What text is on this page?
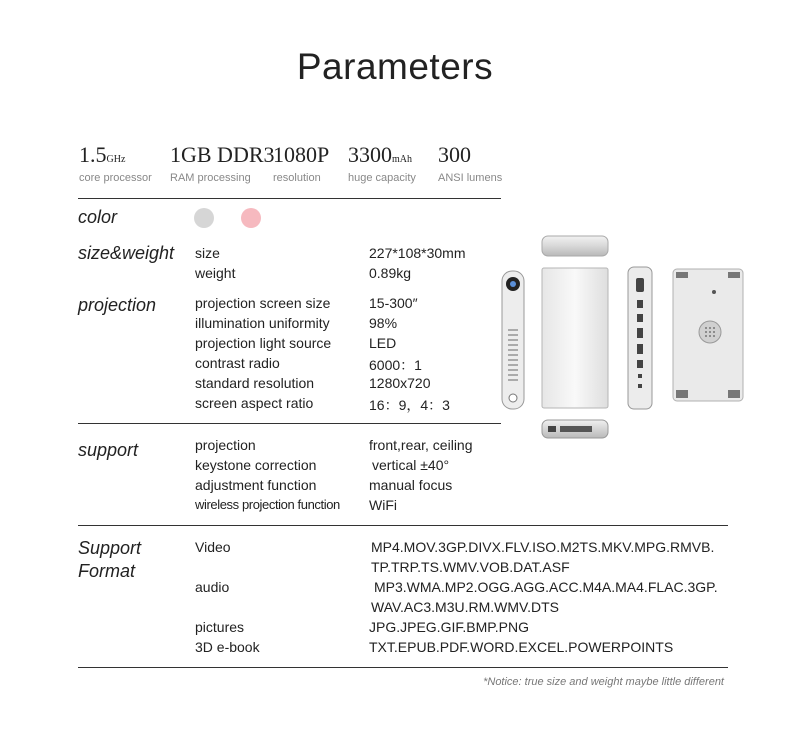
Parameters
1.5GHz
core processor
1GB DDR3
RAM processing
1080P
resolution
3300mAh
huge capacity
300
ANSI lumens
color
size&weight size	227*108*30mm
weight	0.89kg
projection	projection screen size	15-300″
illumination uniformity	98%
projection light source	LED
contrast radio	6000：1
standard resolution	1280x720
screen aspect ratio	16：9，4：3
support	projection	front,rear, ceiling
keystone correction	vertical ±40°
adjustment function	manual focus
wireless projection function WiFi
Support
Format
Video	MP4.MOV.3GP.DIVX.FLV.ISO.M2TS.MKV.MPG.RMVB.
TP.TRP.TS.WMV.VOB.DAT.ASF
audio	MP3.WMA.MP2.OGG.AGG.ACC.M4A.MA4.FLAC.3GP.
WAV.AC3.M3U.RM.WMV.DTS
pictures	JPG.JPEG.GIF.BMP.PNG
3D e-book	TXT.EPUB.PDF.WORD.EXCEL.POWERPOINTS
*Notice: true size and weight maybe little different
